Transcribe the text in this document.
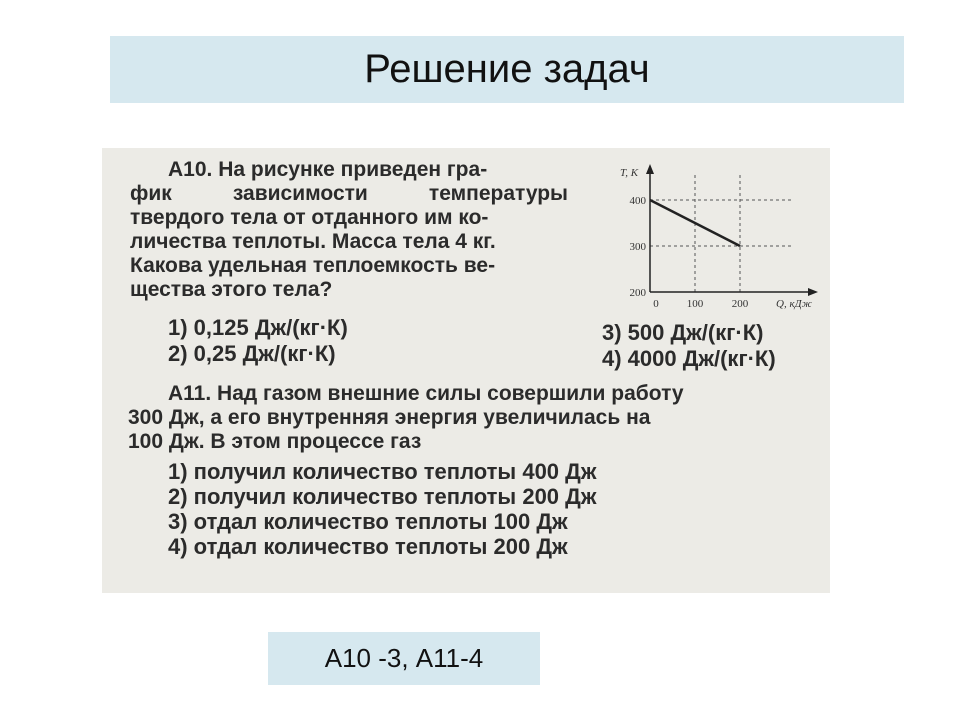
Решение задач
А10. На рисунке приведен гра-
фик зависимости температуры
твердого тела от отданного им ко-
личества теплоты. Масса тела 4 кг.
Какова удельная теплоемкость ве-
щества этого тела?
1) 0,125 Дж/(кг·К)
2) 0,25 Дж/(кг·К)
3) 500 Дж/(кг·К)
4) 4000 Дж/(кг·К)
А11. Над газом внешние силы совершили работу
300 Дж, а его внутренняя энергия увеличилась на
100 Дж. В этом процессе газ
1) получил количество теплоты 400 Дж
2) получил количество теплоты 200 Дж
3) отдал количество теплоты 100 Дж
4) отдал количество теплоты 200 Дж
200
300
400
0	100	200
T, К
Q, кДж
А10 -3, А11-4
